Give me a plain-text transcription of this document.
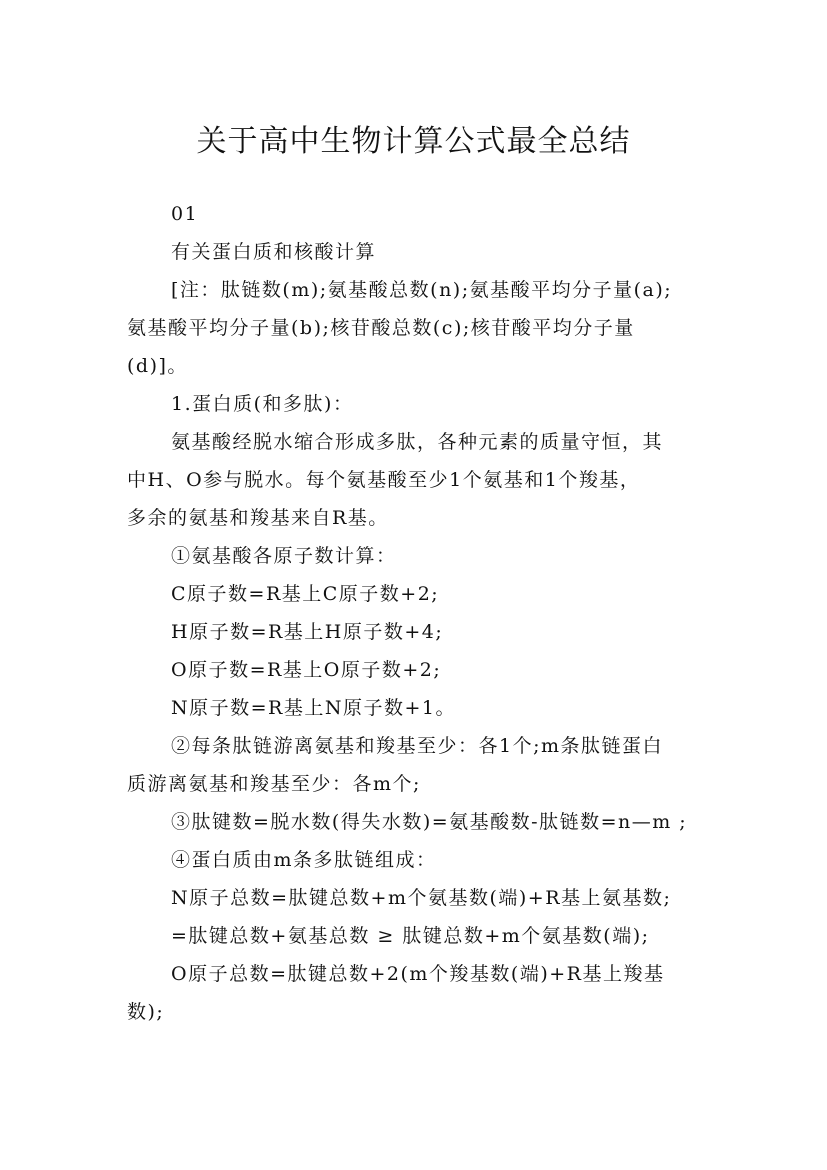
关于高中生物计算公式最全总结

01

有关蛋白质和核酸计算

[注：肽链数(m);氨基酸总数(n);氨基酸平均分子量(a);

氨基酸平均分子量(b);核苷酸总数(c);核苷酸平均分子量

(d)]。

1.蛋白质(和多肽)：

氨基酸经脱水缩合形成多肽，各种元素的质量守恒，其

中H、O参与脱水。每个氨基酸至少1个氨基和1个羧基，

多余的氨基和羧基来自R基。

①氨基酸各原子数计算：

C原子数=R基上C原子数+2;

H原子数=R基上H原子数+4;

O原子数=R基上O原子数+2;

N原子数=R基上N原子数+1。

②每条肽链游离氨基和羧基至少：各1个;m条肽链蛋白

质游离氨基和羧基至少：各m个;

③肽键数=脱水数(得失水数)=氨基酸数-肽链数=n—m ;

④蛋白质由m条多肽链组成：

N原子总数=肽键总数+m个氨基数(端)+R基上氨基数;

=肽键总数+氨基总数 ≥ 肽键总数+m个氨基数(端);

O原子总数=肽键总数+2(m个羧基数(端)+R基上羧基

数);
